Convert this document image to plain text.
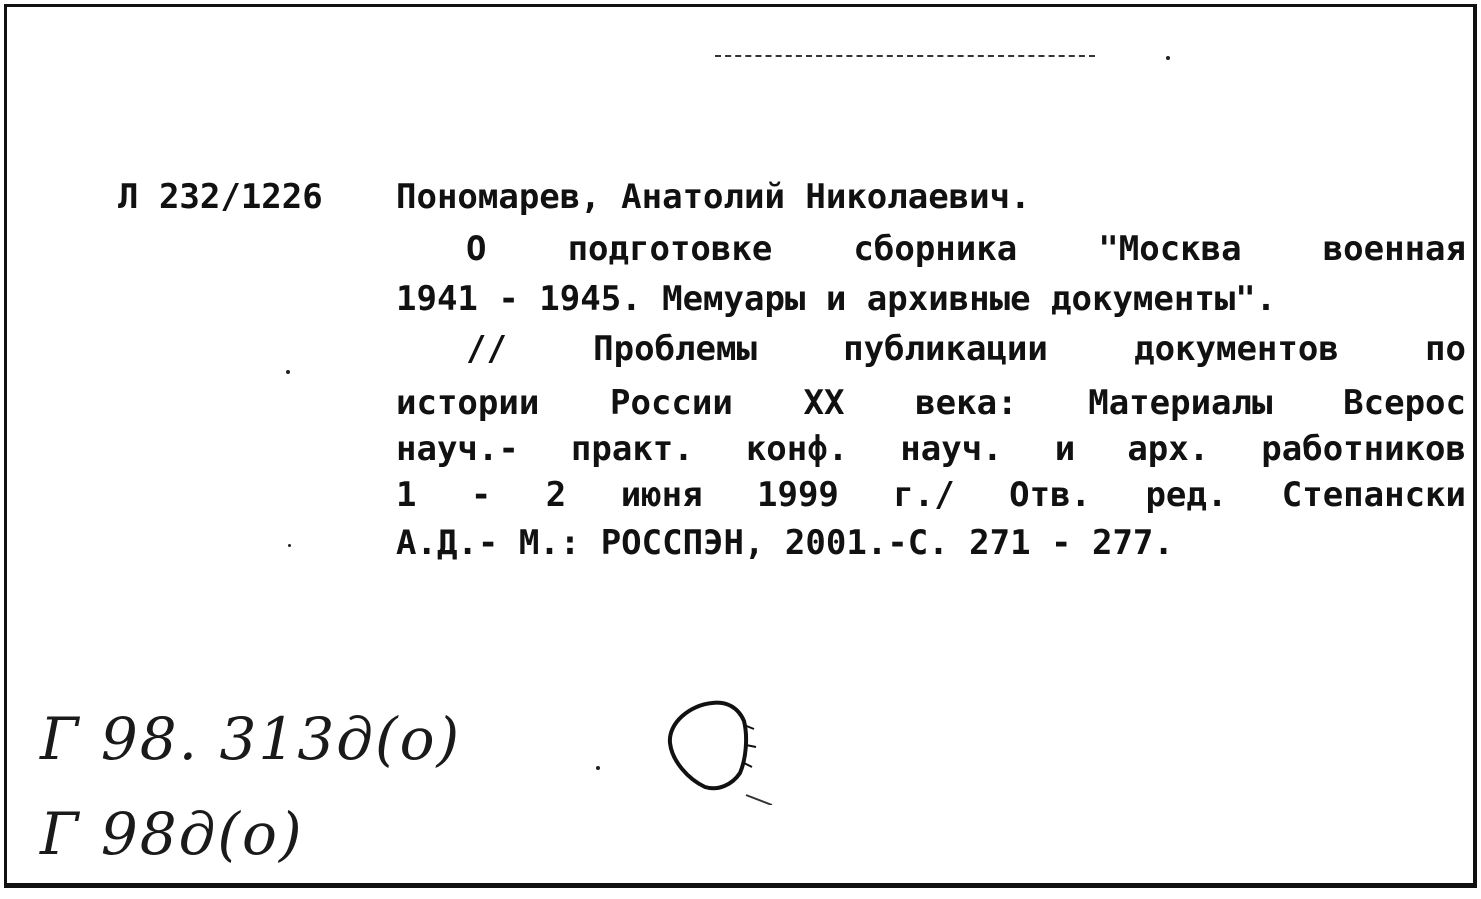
Л 232/1226 Пономарев, Анатолий Николаевич.
О подготовке сборника "Москва военная
1941 - 1945. Мемуары и архивные документы".
// Проблемы публикации документов по
истории России XX века: Материалы Всерос
науч.- практ. конф. науч. и арх. работников
1 - 2 июня 1999 г./ Отв. ред. Степански
А.Д.- М.: РОССПЭН, 2001.-С. 271 - 277.
Г 98. 313д(о)
Г 98д(о)
